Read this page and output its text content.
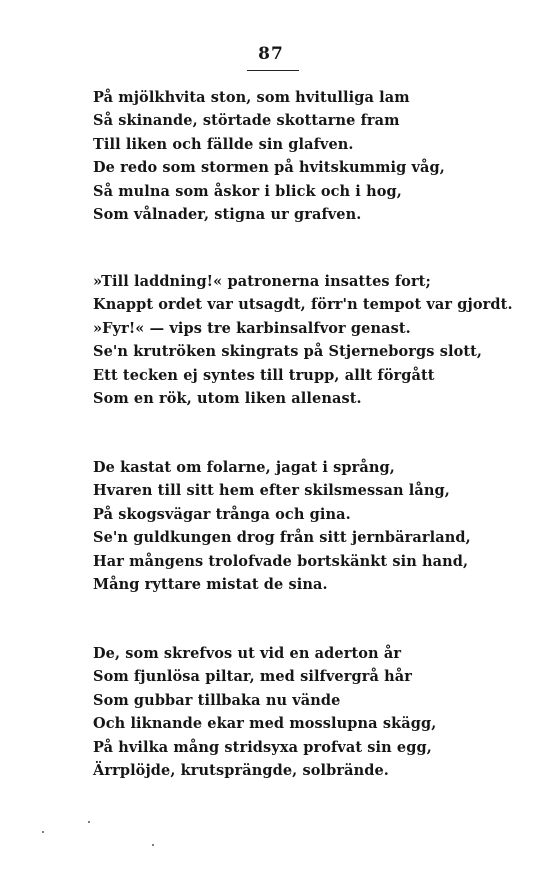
87
På mjölkhvita ston, som hvitulliga lam
Så skinande, störtade skottarne fram
Till liken och fällde sin glafven.
De redo som stormen på hvitskummig våg,
Så mulna som åskor i blick och i hog,
Som vålnader, stigna ur grafven.
»Till laddning!« patronerna insattes fort;
Knappt ordet var utsagdt, förr'n tempot var gjordt.
»Fyr!« — vips tre karbinsalfvor genast.
Se'n krutröken skingrats på Stjerneborgs slott,
Ett tecken ej syntes till trupp, allt förgått
Som en rök, utom liken allenast.
De kastat om folarne, jagat i språng,
Hvaren till sitt hem efter skilsmessan lång,
På skogsvägar trånga och gina.
Se'n guldkungen drog från sitt jernbärarland,
Har mångens trolofvade bortskänkt sin hand,
Mång ryttare mistat de sina.
De, som skrefvos ut vid en aderton år
Som fjunlösa piltar, med silfvergrå hår
Som gubbar tillbaka nu vände
Och liknande ekar med mosslupna skägg,
På hvilka mång stridsyxa profvat sin egg,
Ärrplöjde, krutsprängde, solbrände.
